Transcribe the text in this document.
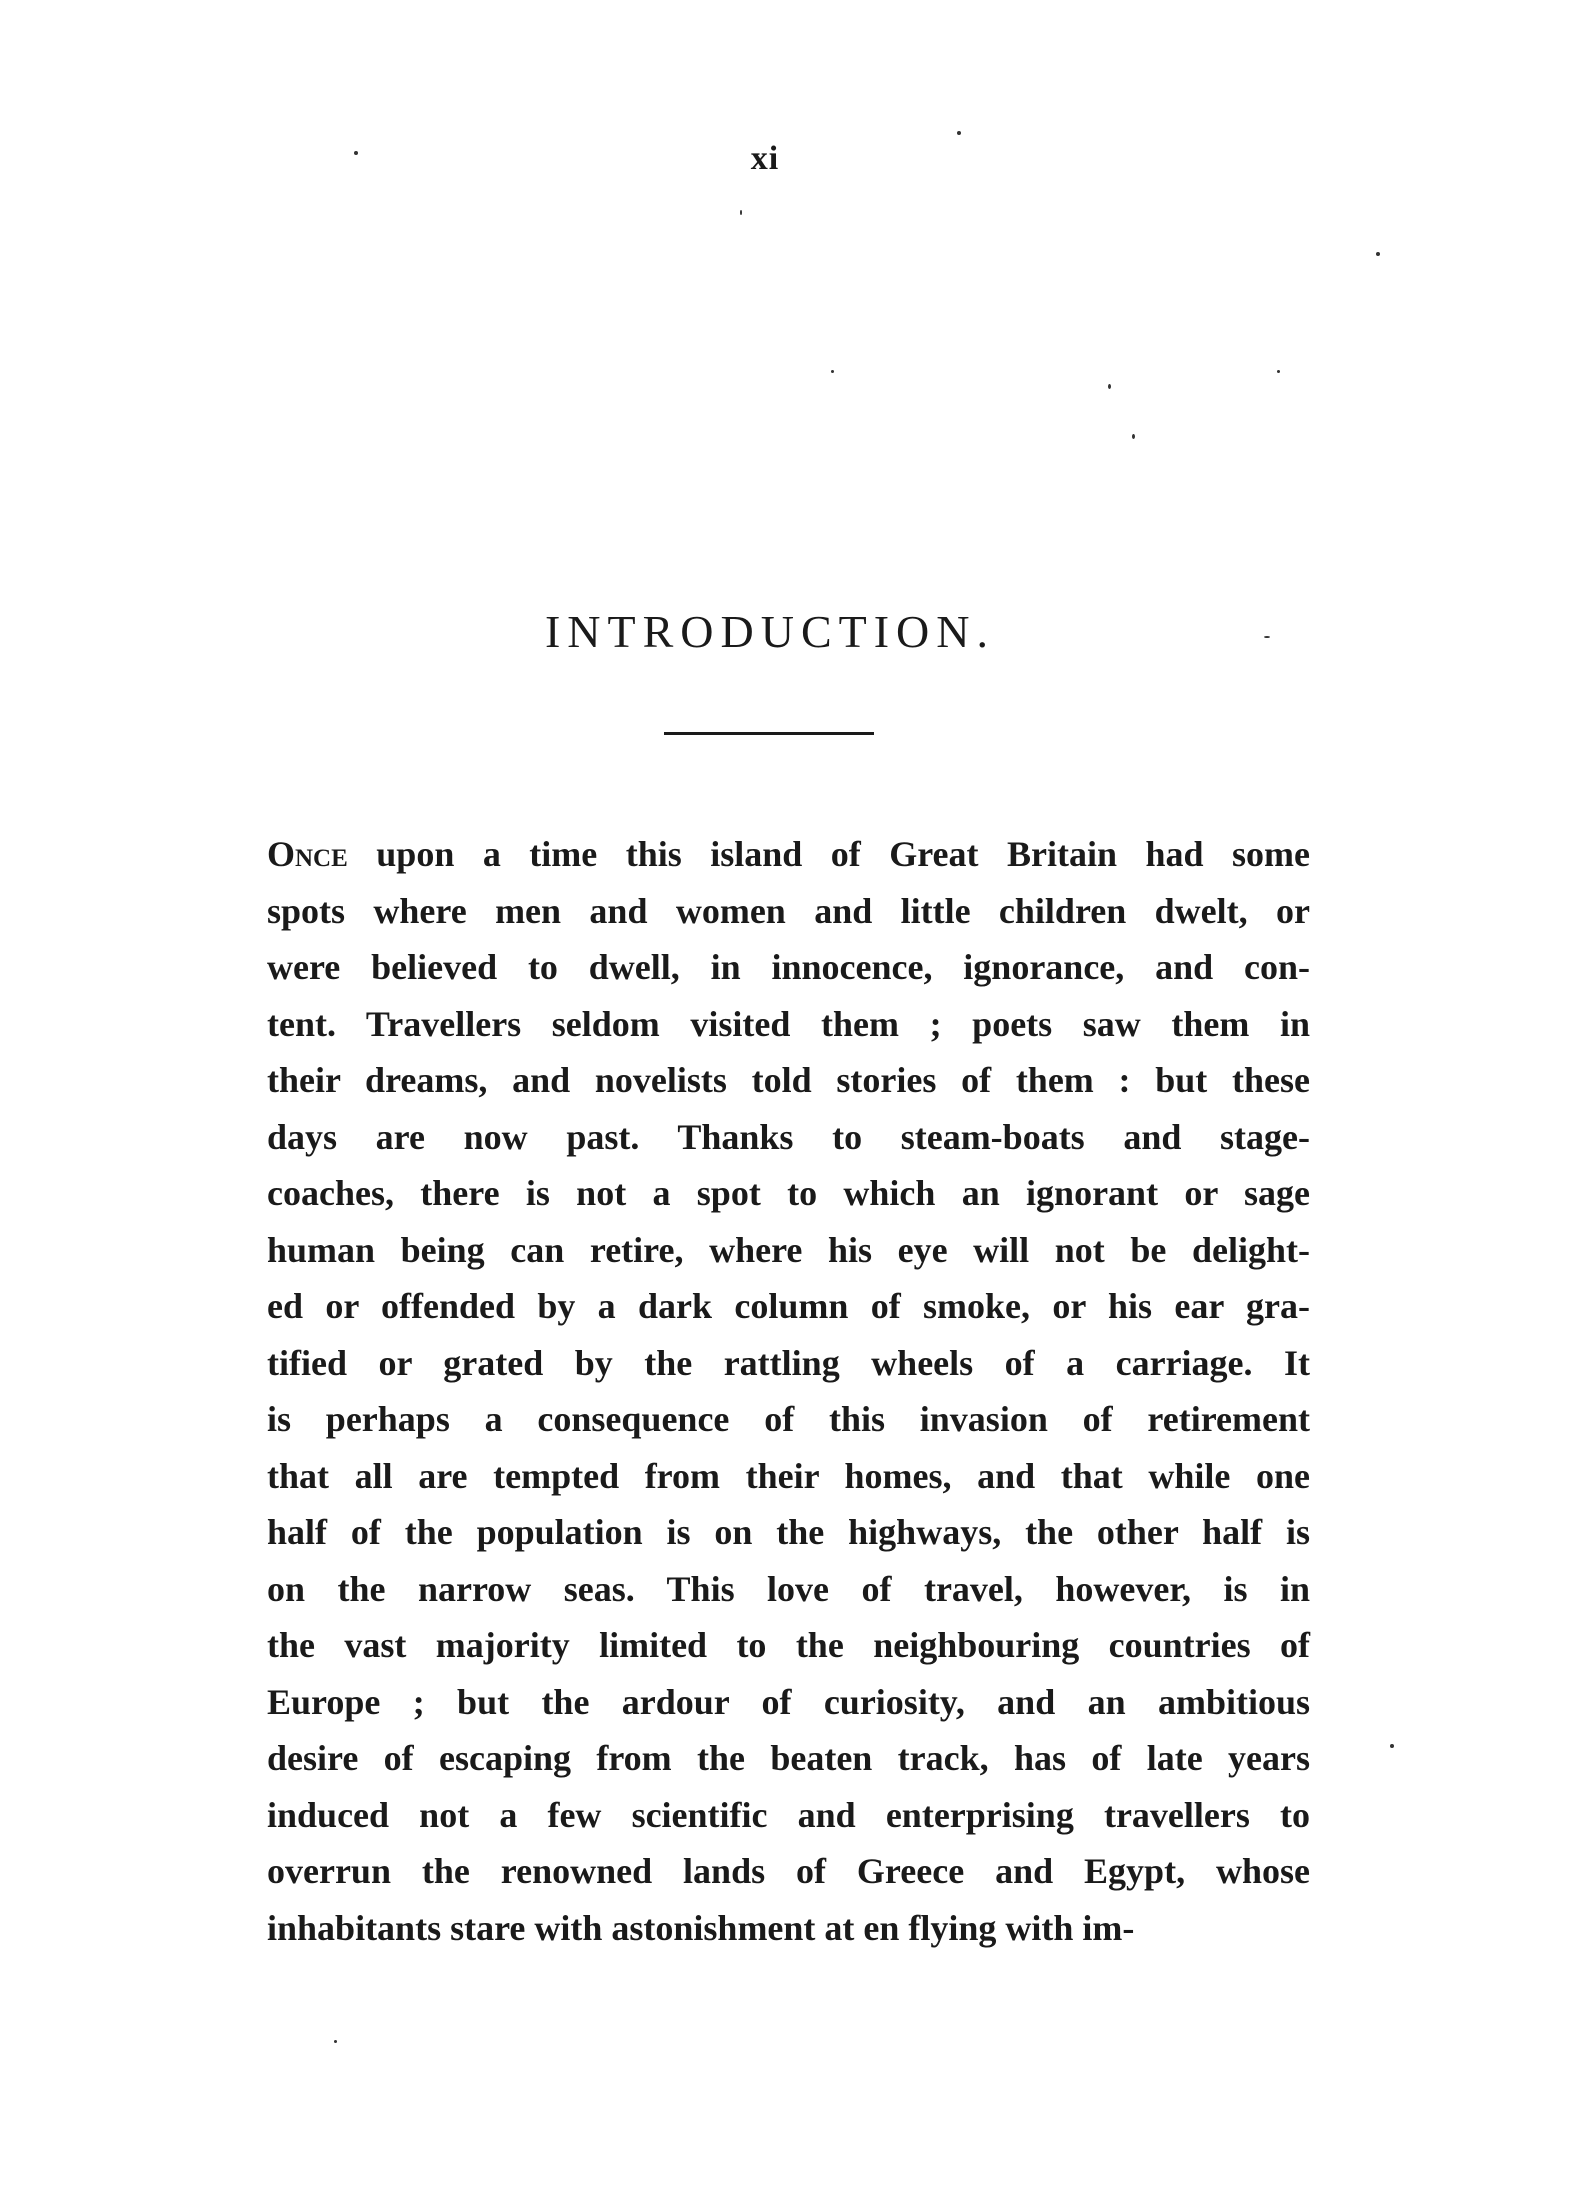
xi
INTRODUCTION.
Once upon a time this island of Great Britain had some
spots where men and women and little children dwelt, or
were believed to dwell, in innocence, ignorance, and con-
tent. Travellers seldom visited them ; poets saw them in
their dreams, and novelists told stories of them : but these
days are now past. Thanks to steam-boats and stage-
coaches, there is not a spot to which an ignorant or sage
human being can retire, where his eye will not be delight-
ed or offended by a dark column of smoke, or his ear gra-
tified or grated by the rattling wheels of a carriage. It
is perhaps a consequence of this invasion of retirement
that all are tempted from their homes, and that while one
half of the population is on the highways, the other half is
on the narrow seas. This love of travel, however, is in
the vast majority limited to the neighbouring countries of
Europe ; but the ardour of curiosity, and an ambitious
desire of escaping from the beaten track, has of late years
induced not a few scientific and enterprising travellers to
overrun the renowned lands of Greece and Egypt, whose
inhabitants stare with astonishment at en flying with im-
